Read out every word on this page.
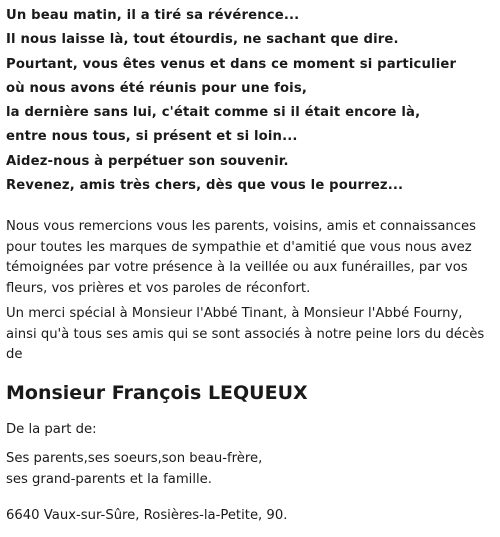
Un beau matin, il a tiré sa révérence...
Il nous laisse là, tout étourdis, ne sachant que dire.
Pourtant, vous êtes venus et dans ce moment si particulier
où nous avons été réunis pour une fois,
la dernière sans lui, c'était comme si il était encore là,
entre nous tous, si présent et si loin...
Aidez-nous à perpétuer son souvenir.
Revenez, amis très chers, dès que vous le pourrez...
Nous vous remercions vous les parents, voisins, amis et connaissances
pour toutes les marques de sympathie et d'amitié que vous nous avez
témoignées par votre présence à la veillée ou aux funérailles, par vos
fleurs, vos prières et vos paroles de réconfort.
Un merci spécial à Monsieur l'Abbé Tinant, à Monsieur l'Abbé Fourny,
ainsi qu'à tous ses amis qui se sont associés à notre peine lors du décès
de
Monsieur François LEQUEUX
De la part de:
Ses parents,ses soeurs,son beau-frère,
ses grand-parents et la famille.
6640 Vaux-sur-Sûre, Rosières-la-Petite, 90.
